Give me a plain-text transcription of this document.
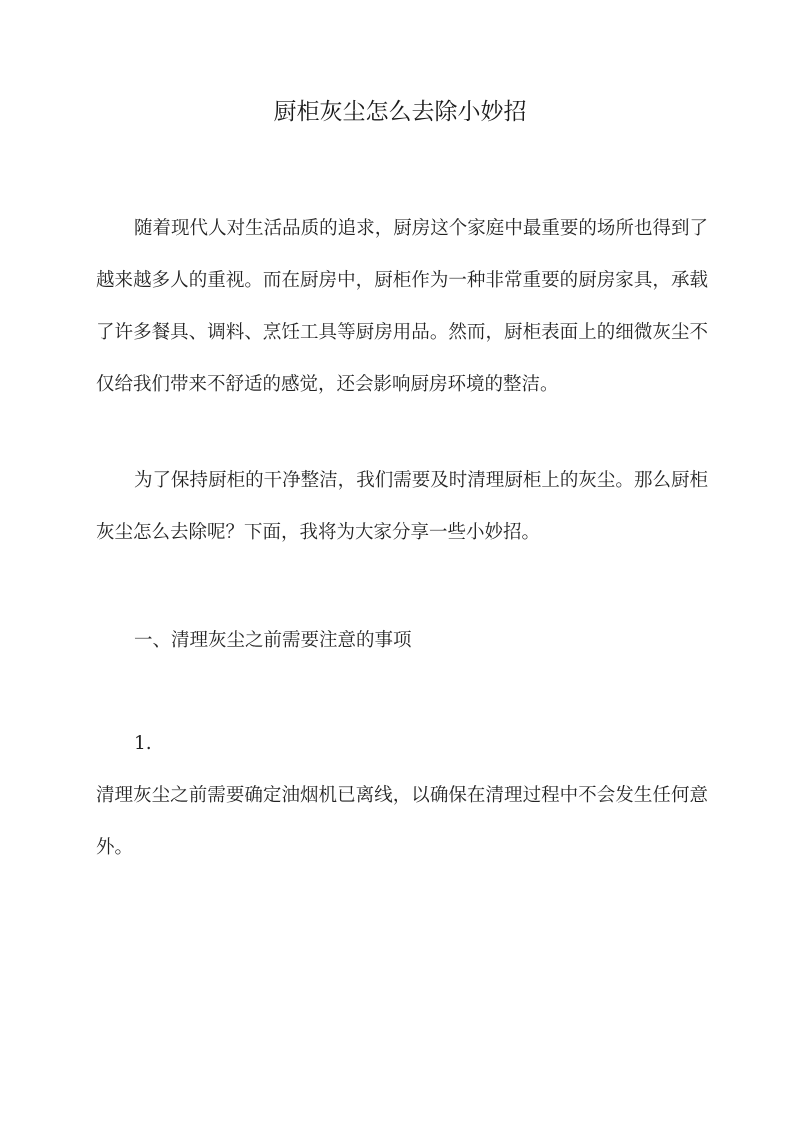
厨柜灰尘怎么去除小妙招

随着现代人对生活品质的追求，厨房这个家庭中最重要的场所也得到了越来越多人的重视。而在厨房中，厨柜作为一种非常重要的厨房家具，承载了许多餐具、调料、烹饪工具等厨房用品。然而，厨柜表面上的细微灰尘不仅给我们带来不舒适的感觉，还会影响厨房环境的整洁。

为了保持厨柜的干净整洁，我们需要及时清理厨柜上的灰尘。那么厨柜灰尘怎么去除呢？下面，我将为大家分享一些小妙招。

一、清理灰尘之前需要注意的事项

1.

清理灰尘之前需要确定油烟机已离线，以确保在清理过程中不会发生任何意外。
